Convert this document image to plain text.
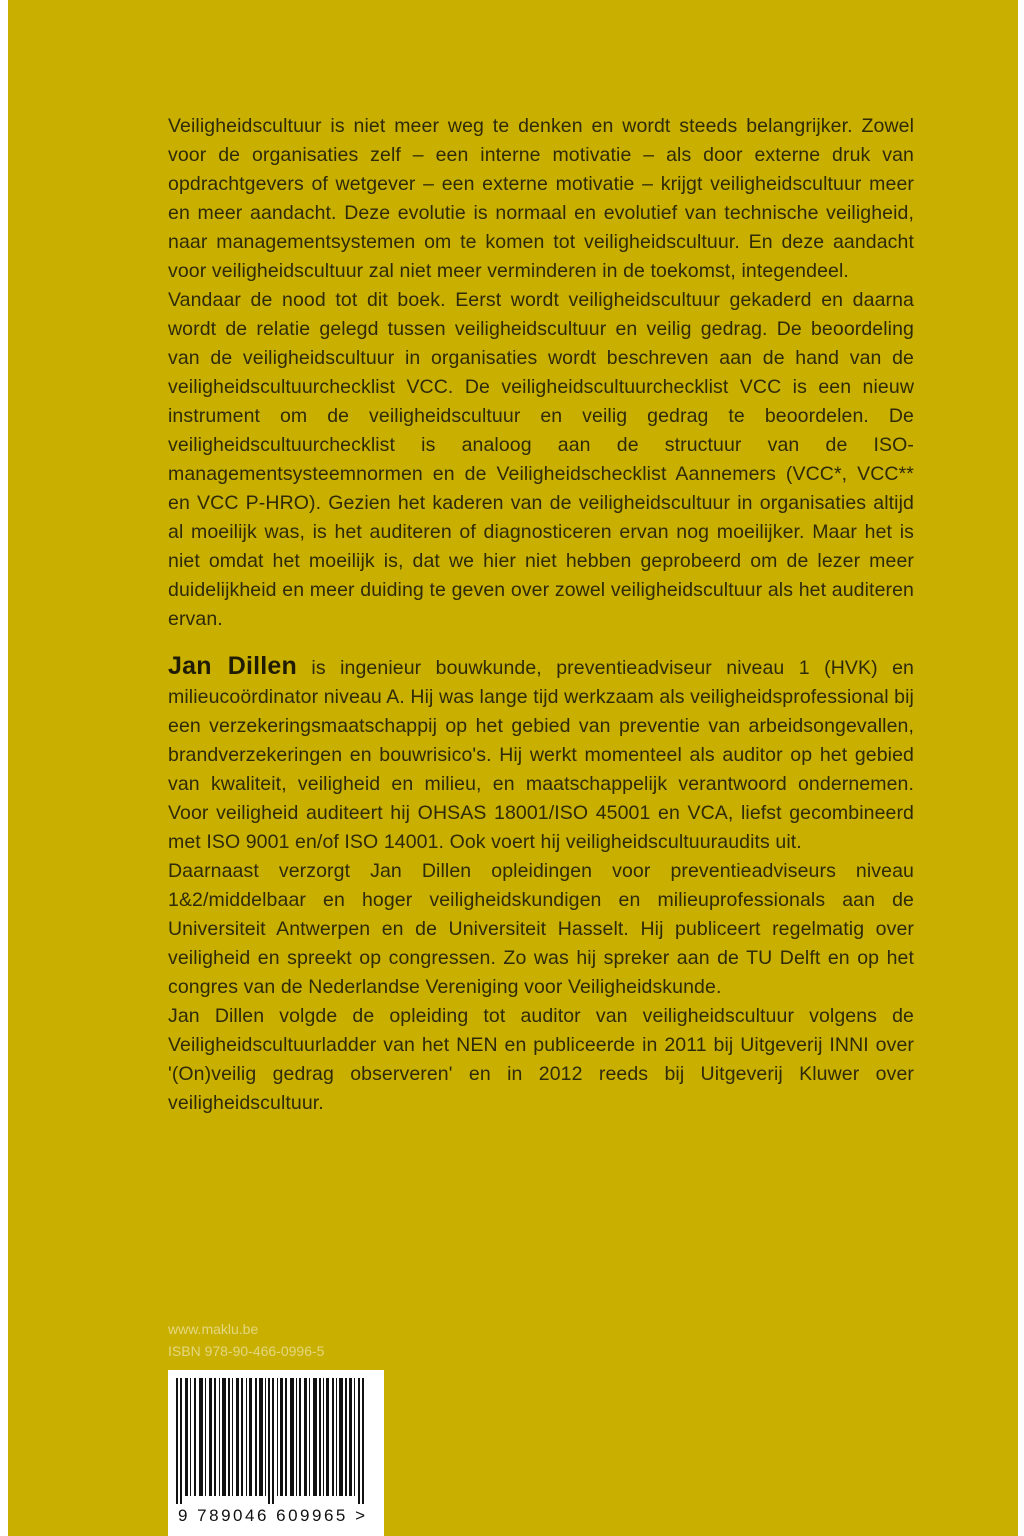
Veiligheidscultuur is niet meer weg te denken en wordt steeds belangrijker. Zowel voor de organisaties zelf – een interne motivatie – als door externe druk van opdrachtgevers of wetgever – een externe motivatie – krijgt veiligheidscultuur meer en meer aandacht. Deze evolutie is normaal en evolutief van technische veiligheid, naar managementsystemen om te komen tot veiligheidscultuur. En deze aandacht voor veiligheidscultuur zal niet meer verminderen in de toekomst, integendeel.

Vandaar de nood tot dit boek. Eerst wordt veiligheidscultuur gekaderd en daarna wordt de relatie gelegd tussen veiligheidscultuur en veilig gedrag. De beoordeling van de veiligheidscultuur in organisaties wordt beschreven aan de hand van de veiligheidscultuurchecklist VCC. De veiligheidscultuurchecklist VCC is een nieuw instrument om de veiligheidscultuur en veilig gedrag te beoordelen. De veiligheidscultuurchecklist is analoog aan de structuur van de ISO-managementsysteemnormen en de Veiligheidschecklist Aannemers (VCC*, VCC** en VCC P-HRO). Gezien het kaderen van de veiligheidscultuur in organisaties altijd al moeilijk was, is het auditeren of diagnosticeren ervan nog moeilijker. Maar het is niet omdat het moeilijk is, dat we hier niet hebben geprobeerd om de lezer meer duidelijkheid en meer duiding te geven over zowel veiligheidscultuur als het auditeren ervan.

Jan Dillen is ingenieur bouwkunde, preventieadviseur niveau 1 (HVK) en milieucoördinator niveau A. Hij was lange tijd werkzaam als veiligheidsprofessional bij een verzekeringsmaatschappij op het gebied van preventie van arbeidsongevallen, brandverzekeringen en bouwrisico's. Hij werkt momenteel als auditor op het gebied van kwaliteit, veiligheid en milieu, en maatschappelijk verantwoord ondernemen. Voor veiligheid auditeert hij OHSAS 18001/ISO 45001 en VCA, liefst gecombineerd met ISO 9001 en/of ISO 14001. Ook voert hij veiligheidscultuuraudits uit.

Daarnaast verzorgt Jan Dillen opleidingen voor preventieadviseurs niveau 1&2/middelbaar en hoger veiligheidskundigen en milieuprofessionals aan de Universiteit Antwerpen en de Universiteit Hasselt. Hij publiceert regelmatig over veiligheid en spreekt op congressen. Zo was hij spreker aan de TU Delft en op het congres van de Nederlandse Vereniging voor Veiligheidskunde.

Jan Dillen volgde de opleiding tot auditor van veiligheidscultuur volgens de Veiligheidscultuurladder van het NEN en publiceerde in 2011 bij Uitgeverij INNI over '(On)veilig gedrag observeren' en in 2012 reeds bij Uitgeverij Kluwer over veiligheidscultuur.

www.maklu.be
ISBN 978-90-466-0996-5
9 789046 609965 >
